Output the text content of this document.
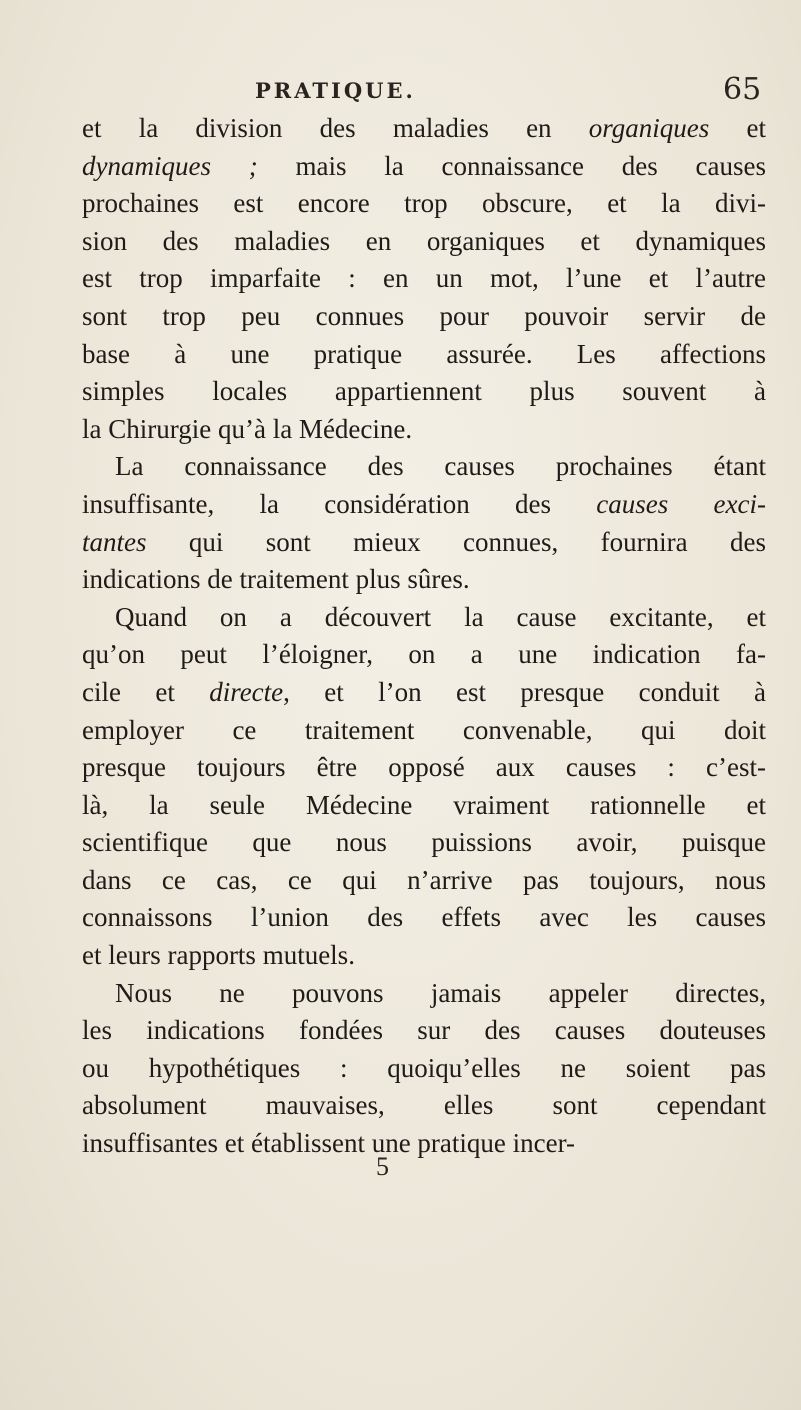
PRATIQUE.	65
et la division des maladies en organiques et
dynamiques ; mais la connaissance des causes
prochaines est encore trop obscure, et la divi-
sion des maladies en organiques et dynamiques
est trop imparfaite : en un mot, l’une et l’autre
sont trop peu connues pour pouvoir servir de
base à une pratique assurée. Les affections
simples locales appartiennent plus souvent à
la Chirurgie qu’à la Médecine.
La connaissance des causes prochaines étant
insuffisante, la considération des causes exci-
tantes qui sont mieux connues, fournira des
indications de traitement plus sûres.
Quand on a découvert la cause excitante, et
qu’on peut l’éloigner, on a une indication fa-
cile et directe, et l’on est presque conduit à
employer ce traitement convenable, qui doit
presque toujours être opposé aux causes : c’est-
là, la seule Médecine vraiment rationnelle et
scientifique que nous puissions avoir, puisque
dans ce cas, ce qui n’arrive pas toujours, nous
connaissons l’union des effets avec les causes
et leurs rapports mutuels.
Nous ne pouvons jamais appeler directes,
les indications fondées sur des causes douteuses
ou hypothétiques : quoiqu’elles ne soient pas
absolument mauvaises, elles sont cependant
insuffisantes et établissent une pratique incer-
5
